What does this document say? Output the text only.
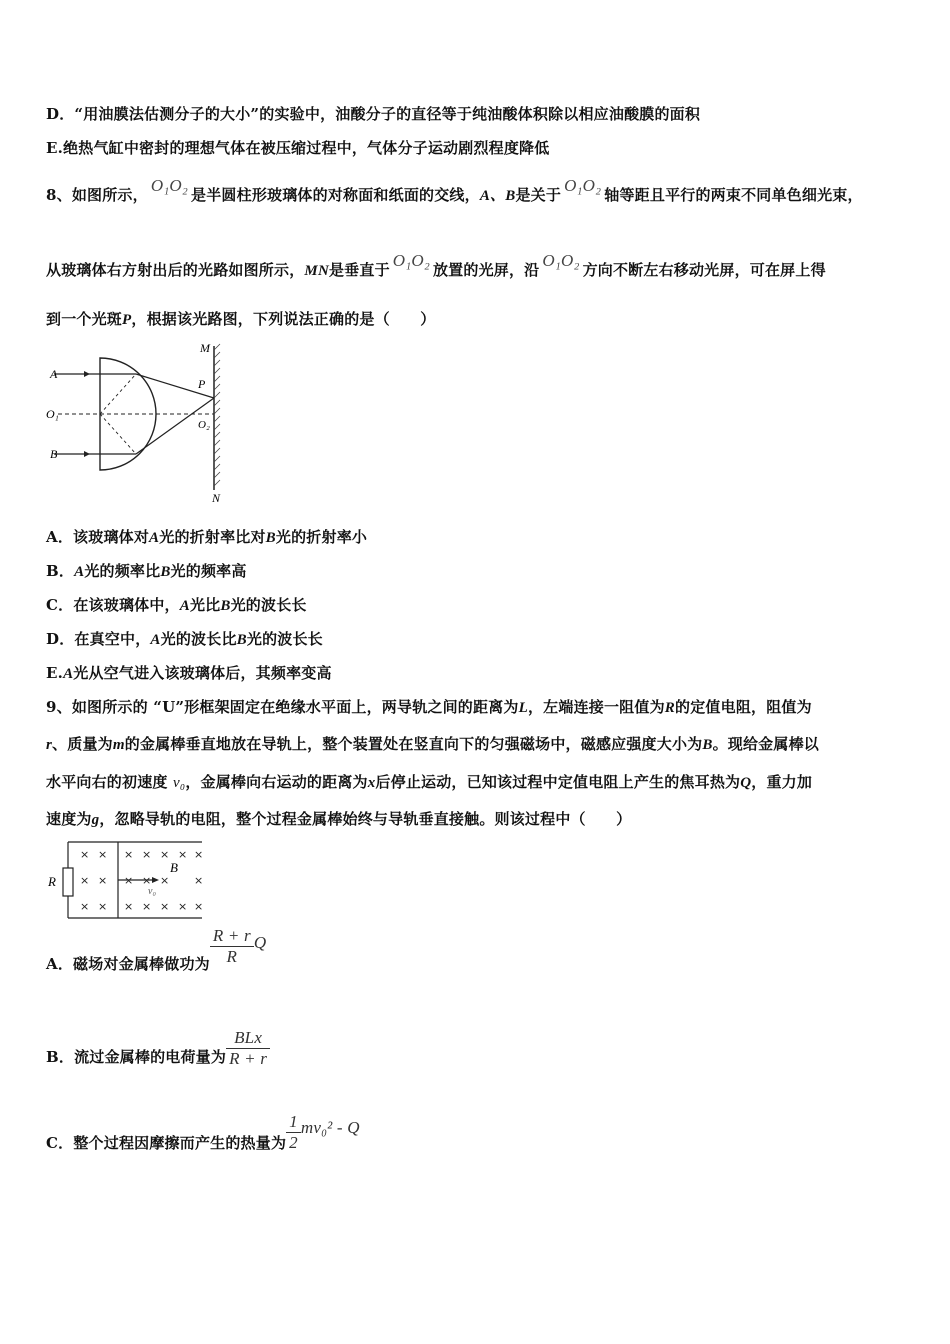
D．“用油膜法估测分子的大小”的实验中，油酸分子的直径等于纯油酸体积除以相应油酸膜的面积
E.绝热气缸中密封的理想气体在被压缩过程中，气体分子运动剧烈程度降低
8、如图所示， O₁O₂ 是半圆柱形玻璃体的对称面和纸面的交线，A、B是关于 O₁O₂ 轴等距且平行的两束不同单色细光束，
从玻璃体右方射出后的光路如图所示，MN是垂直于 O₁O₂ 放置的光屏，沿 O₁O₂ 方向不断左右移动光屏，可在屏上得
到一个光斑P，根据该光路图，下列说法正确的是（　　）
A
B
O₁
O₂
P
M
N
A．该玻璃体对A光的折射率比对B光的折射率小
B．A光的频率比B光的频率高
C．在该玻璃体中，A光比B光的波长长
D．在真空中，A光的波长比B光的波长长
E.A光从空气进入该玻璃体后，其频率变高
9、如图所示的 “U”形框架固定在绝缘水平面上，两导轨之间的距离为L，左端连接一阻值为R的定值电阻，阻值为
r、质量为m的金属棒垂直地放在导轨上，整个装置处在竖直向下的匀强磁场中，磁感应强度大小为B。现给金属棒以
水平向右的初速度 v₀，金属棒向右运动的距离为x后停止运动，已知该过程中定值电阻上产生的焦耳热为Q，重力加
速度为g，忽略导轨的电阻，整个过程金属棒始终与导轨垂直接触。则该过程中（　　）
× × × × × × ×
× × × × × ×
× × × × × × ×
R
B
v₀
A．磁场对金属棒做功为 $\frac{R + r}{R}$ Q
B．流过金属棒的电荷量为 $\frac{\text{BLx}}{R + r}$
C．整个过程因摩擦而产生的热量为 $\frac{1}{2} mv_0^2$ - Q
